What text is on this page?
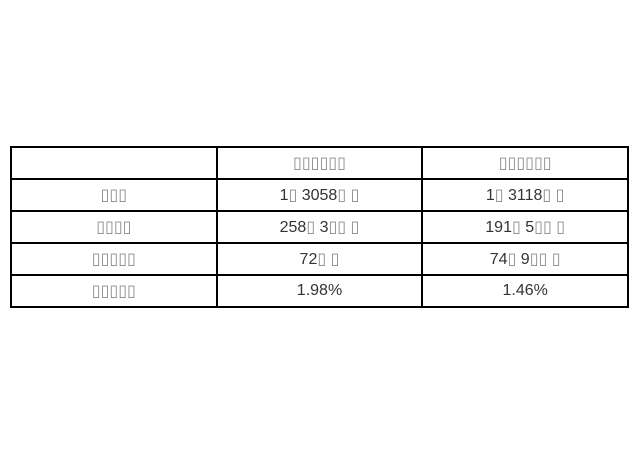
	▯▯▯▯▯▯	▯▯▯▯▯▯
▯▯▯	1▯ 3058▯ ▯	1▯ 3118▯ ▯
▯▯▯▯	258▯ 3▯▯ ▯	191▯ 5▯▯ ▯
▯▯▯▯▯	72▯ ▯	74▯ 9▯▯ ▯
▯▯▯▯▯	1.98%	1.46%
